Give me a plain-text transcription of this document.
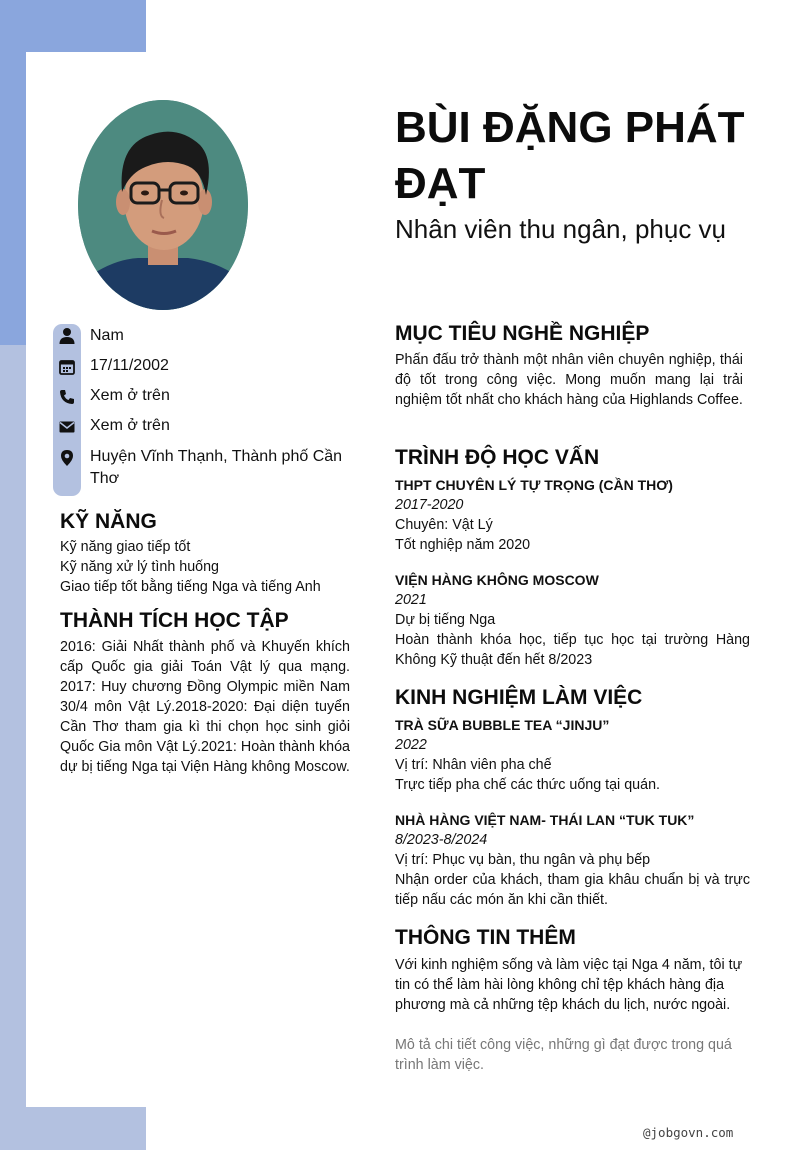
BÙI ĐẶNG PHÁT ĐẠT
Nhân viên thu ngân, phục vụ
Nam
17/11/2002
Xem ở trên
Xem ở trên
Huyện Vĩnh Thạnh, Thành phố Cần Thơ
KỸ NĂNG
Kỹ năng giao tiếp tốt
Kỹ năng xử lý tình huống
Giao tiếp tốt bằng tiếng Nga và tiếng Anh
THÀNH TÍCH HỌC TẬP
2016: Giải Nhất thành phố và Khuyến khích cấp Quốc gia giải Toán Vật lý qua mạng. 2017: Huy chương Đồng Olympic miền Nam 30/4 môn Vật Lý.2018-2020: Đại diện tuyển Cần Thơ tham gia kì thi chọn học sinh giỏi Quốc Gia môn Vật Lý.2021: Hoàn thành khóa dự bị tiếng Nga tại Viện Hàng không Moscow.
MỤC TIÊU NGHỀ NGHIỆP
Phấn đấu trở thành một nhân viên chuyên nghiệp, thái độ tốt trong công việc. Mong muốn mang lại trải nghiệm tốt nhất cho khách hàng của Highlands Coffee.
TRÌNH ĐỘ HỌC VẤN
THPT CHUYÊN LÝ TỰ TRỌNG (CẦN THƠ)
2017-2020
Chuyên: Vật Lý
Tốt nghiệp năm 2020
VIỆN HÀNG KHÔNG MOSCOW
2021
Dự bị tiếng Nga
Hoàn thành khóa học, tiếp tục học tại trường Hàng Không Kỹ thuật đến hết 8/2023
KINH NGHIỆM LÀM VIỆC
TRÀ SỮA BUBBLE TEA “JINJU”
2022
Vị trí: Nhân viên pha chế
Trực tiếp pha chế các thức uống tại quán.
NHÀ HÀNG VIỆT NAM- THÁI LAN “TUK TUK”
8/2023-8/2024
Vị trí: Phục vụ bàn, thu ngân và phụ bếp
Nhận order của khách, tham gia khâu chuẩn bị và trực tiếp nấu các món ăn khi cần thiết.
THÔNG TIN THÊM
Với kinh nghiệm sống và làm việc tại Nga 4 năm, tôi tự tin có thể làm hài lòng không chỉ tệp khách hàng địa phương mà cả những tệp khách du lịch, nước ngoài.
Mô tả chi tiết công việc, những gì đạt được trong quá trình làm việc.
@jobgovn.com
